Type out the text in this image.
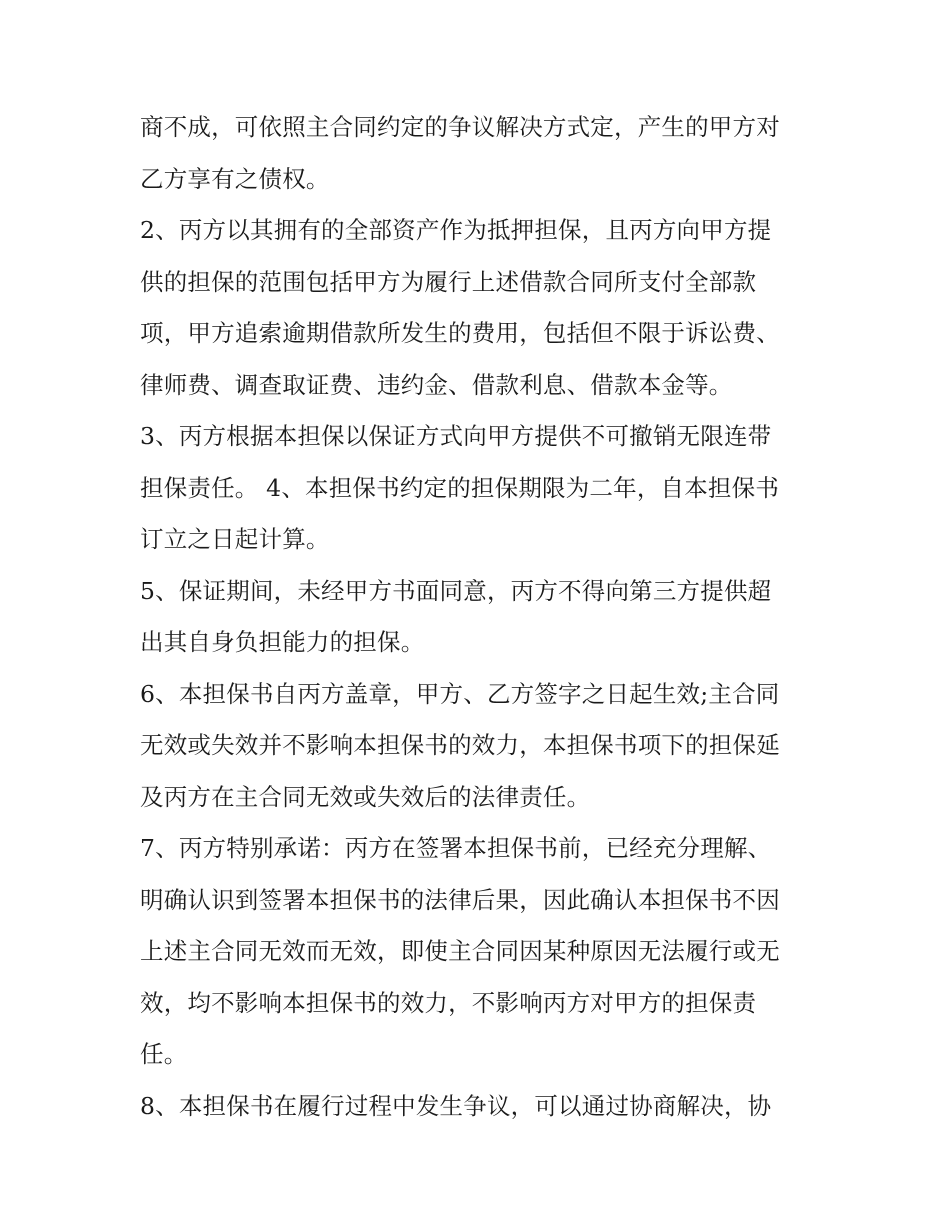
商不成，可依照主合同约定的争议解决方式定，产生的甲方对
乙方享有之债权。
2、丙方以其拥有的全部资产作为抵押担保，且丙方向甲方提
供的担保的范围包括甲方为履行上述借款合同所支付全部款
项，甲方追索逾期借款所发生的费用，包括但不限于诉讼费、
律师费、调查取证费、违约金、借款利息、借款本金等。
3、丙方根据本担保以保证方式向甲方提供不可撤销无限连带
担保责任。 4、本担保书约定的担保期限为二年，自本担保书
订立之日起计算。
5、保证期间，未经甲方书面同意，丙方不得向第三方提供超
出其自身负担能力的担保。
6、本担保书自丙方盖章，甲方、乙方签字之日起生效;主合同
无效或失效并不影响本担保书的效力，本担保书项下的担保延
及丙方在主合同无效或失效后的法律责任。
7、丙方特别承诺：丙方在签署本担保书前，已经充分理解、
明确认识到签署本担保书的法律后果，因此确认本担保书不因
上述主合同无效而无效，即使主合同因某种原因无法履行或无
效，均不影响本担保书的效力，不影响丙方对甲方的担保责
任。
8、本担保书在履行过程中发生争议，可以通过协商解决，协
